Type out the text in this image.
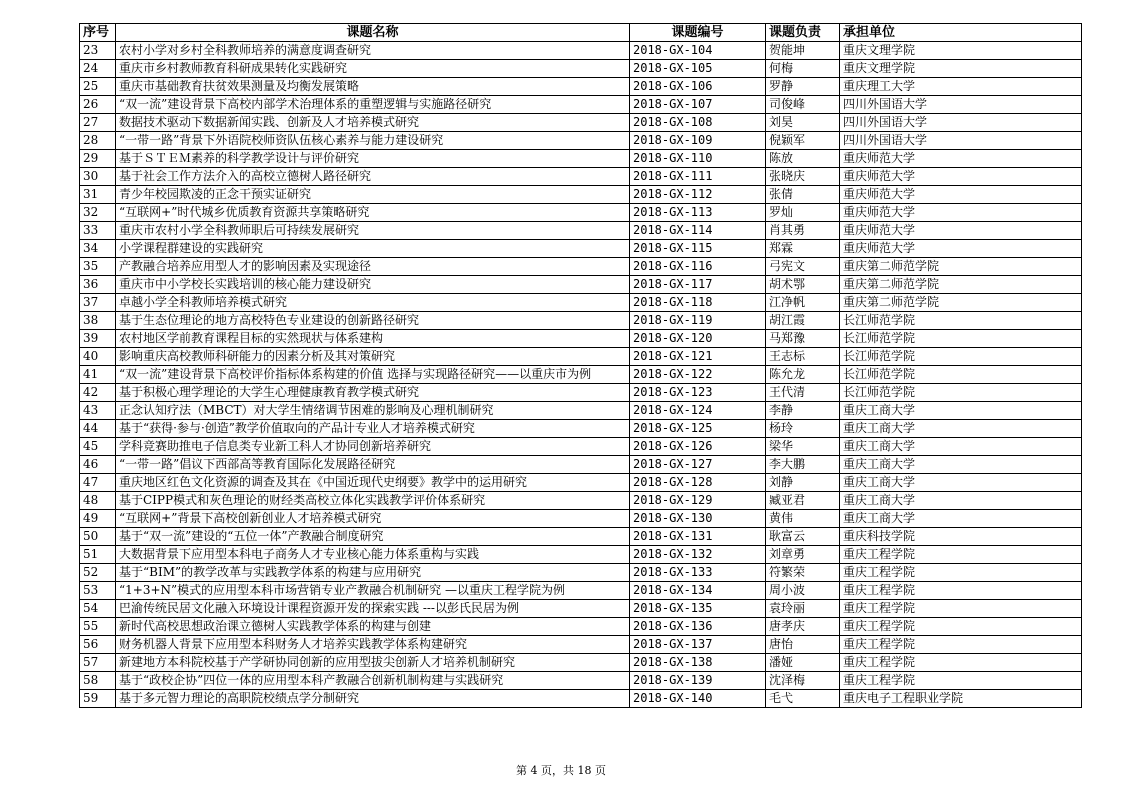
序号	课题名称	课题编号	课题负责	承担单位
23	农村小学对乡村全科教师培养的满意度调查研究	2018-GX-104	贺能坤	重庆文理学院
24	重庆市乡村教师教育科研成果转化实践研究	2018-GX-105	何梅	重庆文理学院
25	重庆市基础教育扶贫效果测量及均衡发展策略	2018-GX-106	罗静	重庆理工大学
26	“双一流”建设背景下高校内部学术治理体系的重塑逻辑与实施路径研究	2018-GX-107	司俊峰	四川外国语大学
27	数据技术驱动下数据新闻实践、创新及人才培养模式研究	2018-GX-108	刘昊	四川外国语大学
28	“一带一路”背景下外语院校师资队伍核心素养与能力建设研究	2018-GX-109	倪颖军	四川外国语大学
29	基于ＳＴＥＭ素养的科学教学设计与评价研究	2018-GX-110	陈放	重庆师范大学
30	基于社会工作方法介入的高校立德树人路径研究	2018-GX-111	张晓庆	重庆师范大学
31	青少年校园欺凌的正念干预实证研究	2018-GX-112	张倩	重庆师范大学
32	“互联网+”时代城乡优质教育资源共享策略研究	2018-GX-113	罗灿	重庆师范大学
33	重庆市农村小学全科教师职后可持续发展研究	2018-GX-114	肖其勇	重庆师范大学
34	小学课程群建设的实践研究	2018-GX-115	郑霖	重庆师范大学
35	产教融合培养应用型人才的影响因素及实现途径	2018-GX-116	弓宪文	重庆第二师范学院
36	重庆市中小学校长实践培训的核心能力建设研究	2018-GX-117	胡术鄂	重庆第二师范学院
37	卓越小学全科教师培养模式研究	2018-GX-118	江净帆	重庆第二师范学院
38	基于生态位理论的地方高校特色专业建设的创新路径研究	2018-GX-119	胡江霞	长江师范学院
39	农村地区学前教育课程目标的实然现状与体系建构	2018-GX-120	马郑豫	长江师范学院
40	影响重庆高校教师科研能力的因素分析及其对策研究	2018-GX-121	王志标	长江师范学院
41	“双一流”建设背景下高校评价指标体系构建的价值 选择与实现路径研究——以重庆市为例	2018-GX-122	陈允龙	长江师范学院
42	基于积极心理学理论的大学生心理健康教育教学模式研究	2018-GX-123	王代清	长江师范学院
43	正念认知疗法（MBCT）对大学生情绪调节困难的影响及心理机制研究	2018-GX-124	李静	重庆工商大学
44	基于“获得·参与·创造”教学价值取向的产品计专业人才培养模式研究	2018-GX-125	杨玲	重庆工商大学
45	学科竞赛助推电子信息类专业新工科人才协同创新培养研究	2018-GX-126	梁华	重庆工商大学
46	“一带一路”倡议下西部高等教育国际化发展路径研究	2018-GX-127	李大鹏	重庆工商大学
47	重庆地区红色文化资源的调查及其在《中国近现代史纲要》教学中的运用研究	2018-GX-128	刘静	重庆工商大学
48	基于CIPP模式和灰色理论的财经类高校立体化实践教学评价体系研究	2018-GX-129	臧亚君	重庆工商大学
49	“互联网+”背景下高校创新创业人才培养模式研究	2018-GX-130	黄伟	重庆工商大学
50	基于“双一流”建设的“五位一体”产教融合制度研究	2018-GX-131	耿富云	重庆科技学院
51	大数据背景下应用型本科电子商务人才专业核心能力体系重构与实践	2018-GX-132	刘章勇	重庆工程学院
52	基于“BIM”的教学改革与实践教学体系的构建与应用研究	2018-GX-133	符繁荣	重庆工程学院
53	“1+3+N”模式的应用型本科市场营销专业产教融合机制研究 —以重庆工程学院为例	2018-GX-134	周小波	重庆工程学院
54	巴渝传统民居文化融入环境设计课程资源开发的探索实践 ---以彭氏民居为例	2018-GX-135	袁玲丽	重庆工程学院
55	新时代高校思想政治课立德树人实践教学体系的构建与创建	2018-GX-136	唐孝庆	重庆工程学院
56	财务机器人背景下应用型本科财务人才培养实践教学体系构建研究	2018-GX-137	唐怡	重庆工程学院
57	新建地方本科院校基于产学研协同创新的应用型拔尖创新人才培养机制研究	2018-GX-138	潘娅	重庆工程学院
58	基于“政校企协”四位一体的应用型本科产教融合创新机制构建与实践研究	2018-GX-139	沈泽梅	重庆工程学院
59	基于多元智力理论的高职院校绩点学分制研究	2018-GX-140	毛弋	重庆电子工程职业学院
第 4 页，共 18 页
